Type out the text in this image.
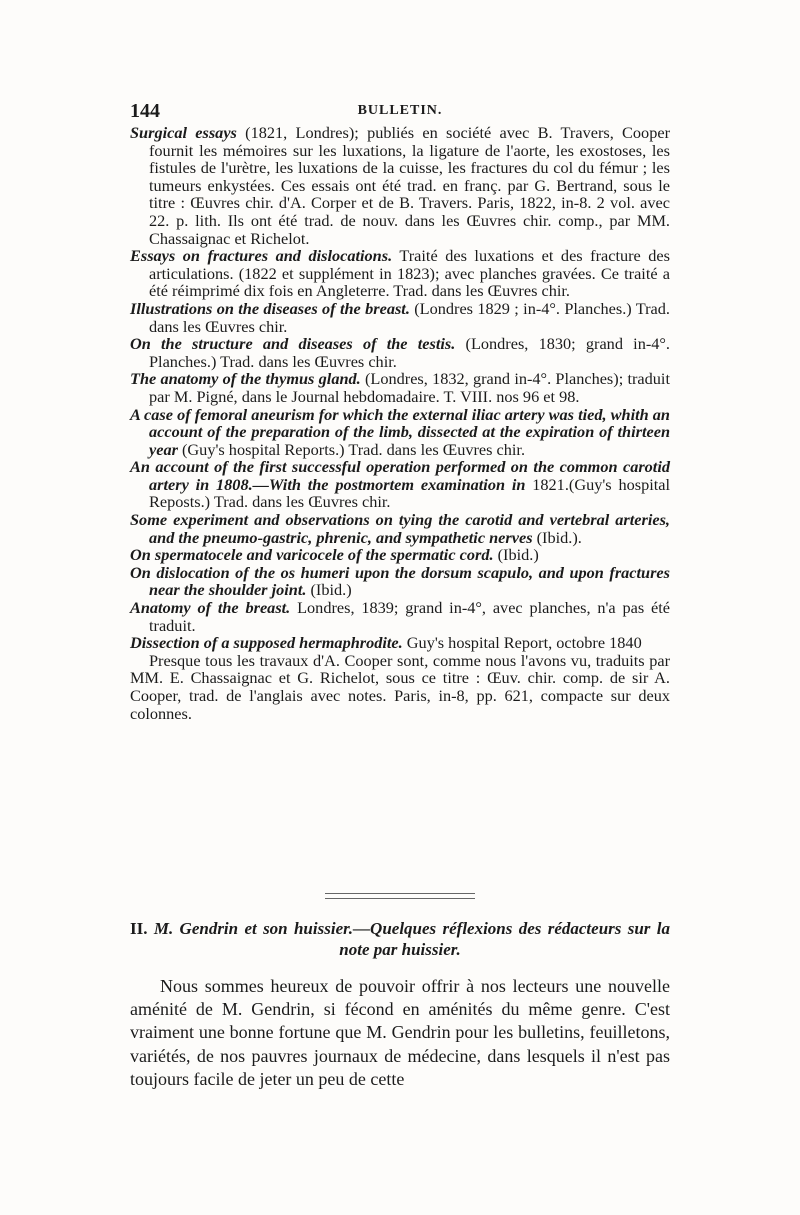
144	BULLETIN.

Surgical essays (1821, Londres); publiés en société avec B. Travers, Cooper fournit les mémoires sur les luxations, la ligature de l'aorte, les exostoses, les fistules de l'urètre, les luxations de la cuisse, les fractures du col du fémur ; les tumeurs enkystées. Ces essais ont été trad. en franç. par G. Bertrand, sous le titre : Œuvres chir. d'A. Corper et de B. Travers. Paris, 1822, in-8. 2 vol. avec 22. p. lith. Ils ont été trad. de nouv. dans les Œuvres chir. comp., par MM. Chassaignac et Richelot.

Essays on fractures and dislocations. Traité des luxations et des fracture des articulations. (1822 et supplément in 1823); avec planches gravées. Ce traité a été réimprimé dix fois en Angleterre. Trad. dans les Œuvres chir.

Illustrations on the diseases of the breast. (Londres 1829 ; in-4°. Planches.) Trad. dans les Œuvres chir.

On the structure and diseases of the testis. (Londres, 1830; grand in-4°. Planches.) Trad. dans les Œuvres chir.

The anatomy of the thymus gland. (Londres, 1832, grand in-4°. Planches); traduit par M. Pigné, dans le Journal hebdomadaire. T. VIII. nos 96 et 98.

A case of femoral aneurism for which the external iliac artery was tied, whith an account of the preparation of the limb, dissected at the expiration of thirteen year (Guy's hospital Reports.) Trad. dans les Œuvres chir.

An account of the first successful operation performed on the common carotid artery in 1808.—With the postmortem examination in 1821.(Guy's hospital Reposts.) Trad. dans les Œuvres chir.

Some experiment and observations on tying the carotid and vertebral arteries, and the pneumo-gastric, phrenic, and sympathetic nerves (Ibid.).

On spermatocele and varicocele of the spermatic cord. (Ibid.)

On dislocation of the os humeri upon the dorsum scapulo, and upon fractures near the shoulder joint. (Ibid.)

Anatomy of the breast. Londres, 1839; grand in-4°, avec planches, n'a pas été traduit.

Dissection of a supposed hermaphrodite. Guy's hospital Report, octobre 1840

Presque tous les travaux d'A. Cooper sont, comme nous l'avons vu, traduits par MM. E. Chassaignac et G. Richelot, sous ce titre : Œuv. chir. comp. de sir A. Cooper, trad. de l'anglais avec notes. Paris, in-8, pp. 621, compacte sur deux colonnes.

II. M. Gendrin et son huissier.—Quelques réflexions des rédacteurs sur la note par huissier.

Nous sommes heureux de pouvoir offrir à nos lecteurs une nouvelle aménité de M. Gendrin, si fécond en aménités du même genre. C'est vraiment une bonne fortune que M. Gendrin pour les bulletins, feuilletons, variétés, de nos pauvres journaux de médecine, dans lesquels il n'est pas toujours facile de jeter un peu de cette
